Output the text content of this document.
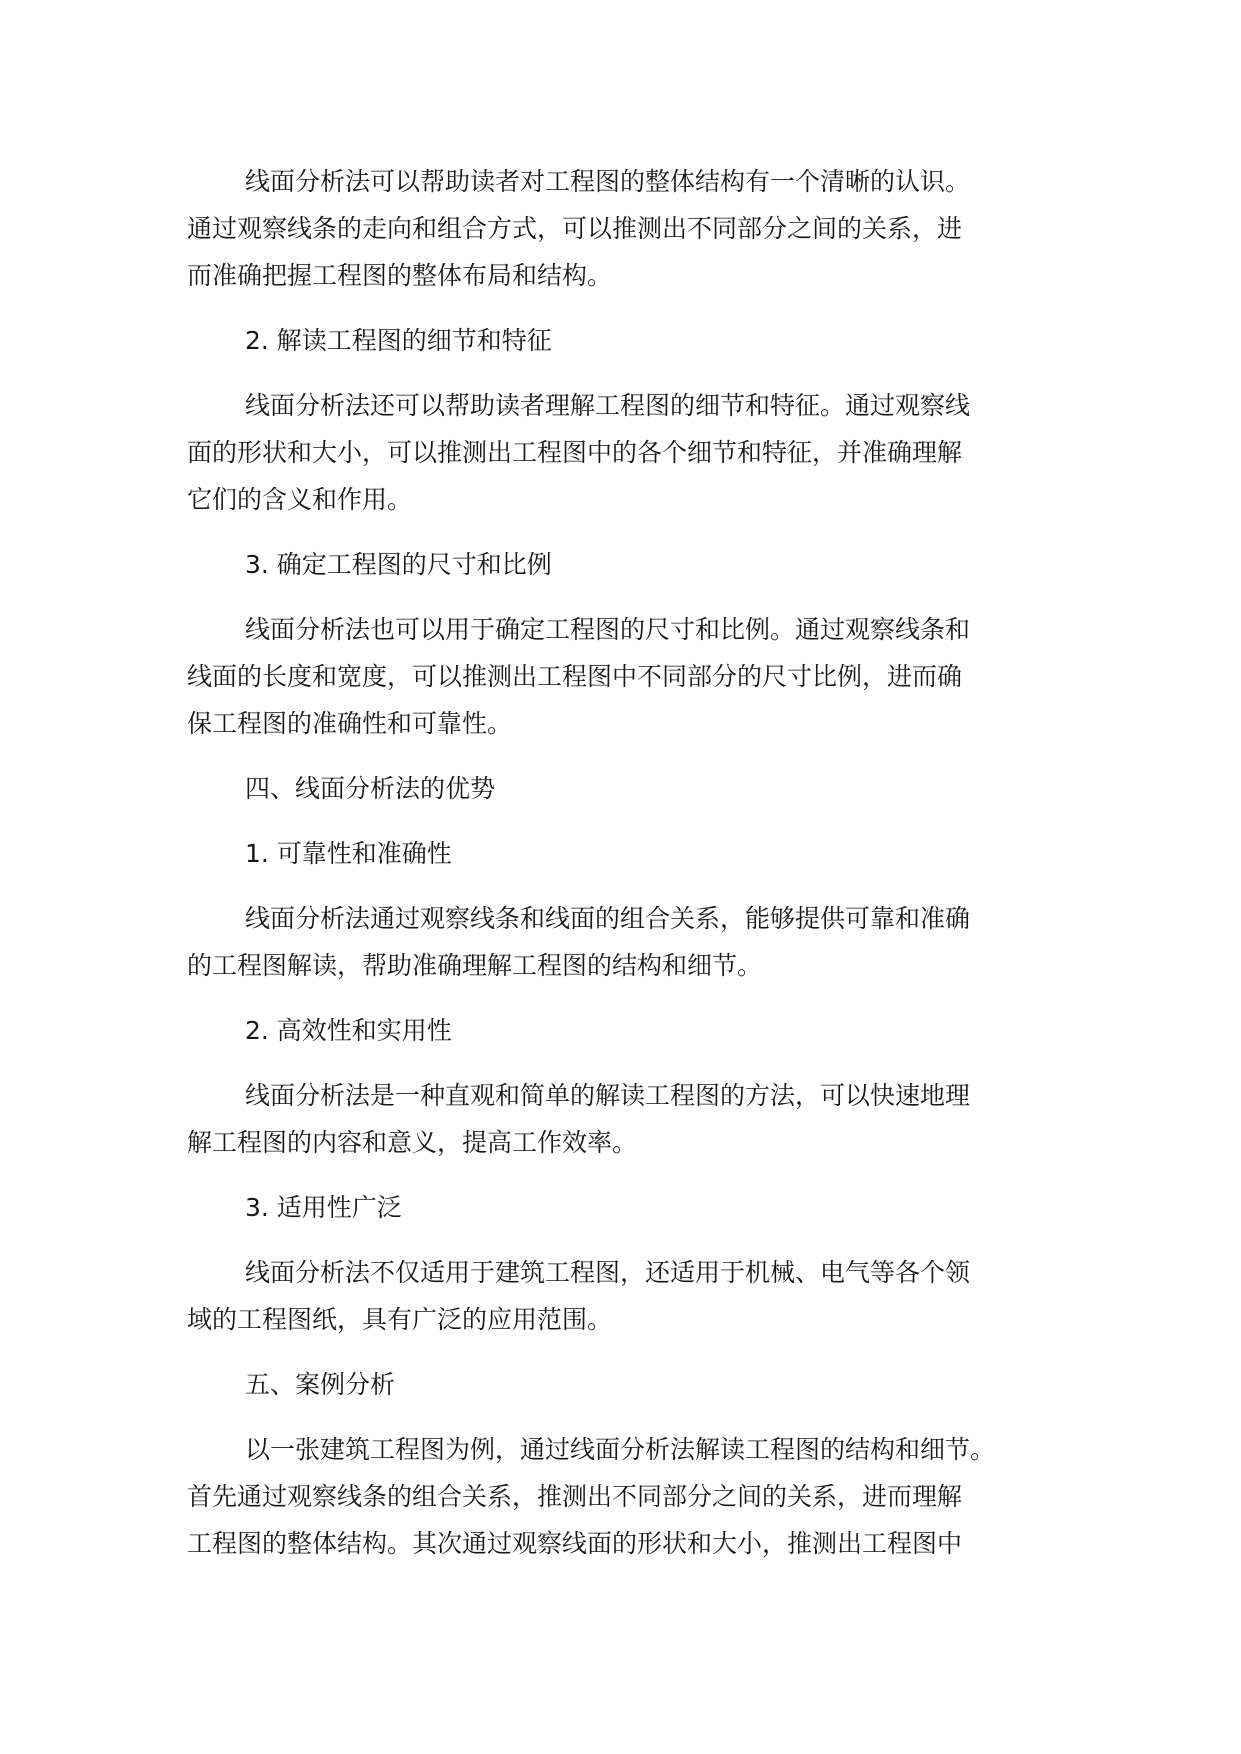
线面分析法可以帮助读者对工程图的整体结构有一个清晰的认识。
通过观察线条的走向和组合方式，可以推测出不同部分之间的关系，进
而准确把握工程图的整体布局和结构。

2. 解读工程图的细节和特征

线面分析法还可以帮助读者理解工程图的细节和特征。通过观察线
面的形状和大小，可以推测出工程图中的各个细节和特征，并准确理解
它们的含义和作用。

3. 确定工程图的尺寸和比例

线面分析法也可以用于确定工程图的尺寸和比例。通过观察线条和
线面的长度和宽度，可以推测出工程图中不同部分的尺寸比例，进而确
保工程图的准确性和可靠性。

四、线面分析法的优势

1. 可靠性和准确性

线面分析法通过观察线条和线面的组合关系，能够提供可靠和准确
的工程图解读，帮助准确理解工程图的结构和细节。

2. 高效性和实用性

线面分析法是一种直观和简单的解读工程图的方法，可以快速地理
解工程图的内容和意义，提高工作效率。

3. 适用性广泛

线面分析法不仅适用于建筑工程图，还适用于机械、电气等各个领
域的工程图纸，具有广泛的应用范围。

五、案例分析

以一张建筑工程图为例，通过线面分析法解读工程图的结构和细节。
首先通过观察线条的组合关系，推测出不同部分之间的关系，进而理解
工程图的整体结构。其次通过观察线面的形状和大小，推测出工程图中
